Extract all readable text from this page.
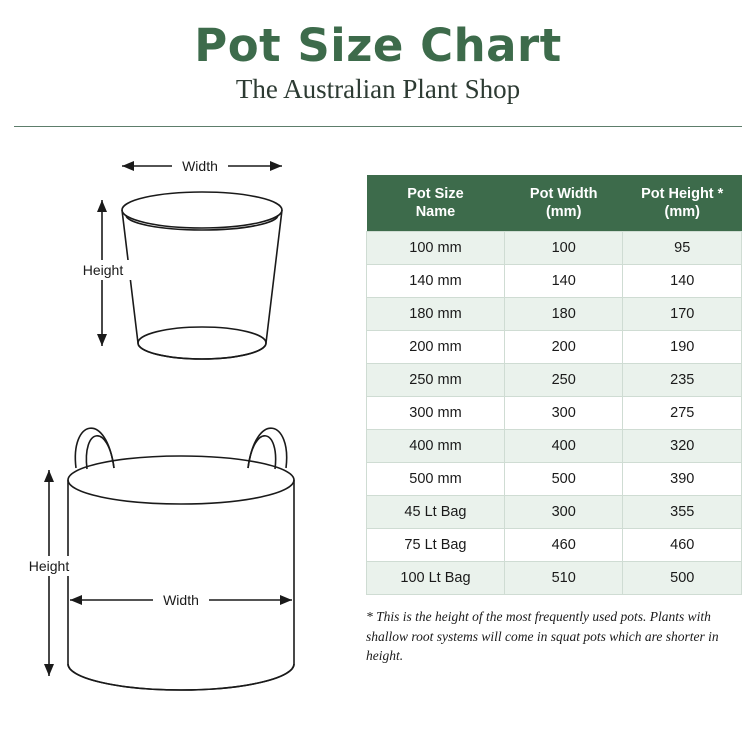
Pot Size Chart
The Australian Plant Shop
Width
Height
Height
Width
Pot Size
Name

Pot Width
(mm)

Pot Height *
(mm)

100 mm	100	95
140 mm	140	140
180 mm	180	170
200 mm	200	190
250 mm	250	235
300 mm	300	275
400 mm	400	320
500 mm	500	390
45 Lt Bag	300	355
75 Lt Bag	460	460
100 Lt Bag	510	500
* This is the height of the most frequently used pots. Plants with shallow root systems will come in squat pots which are shorter in height.
